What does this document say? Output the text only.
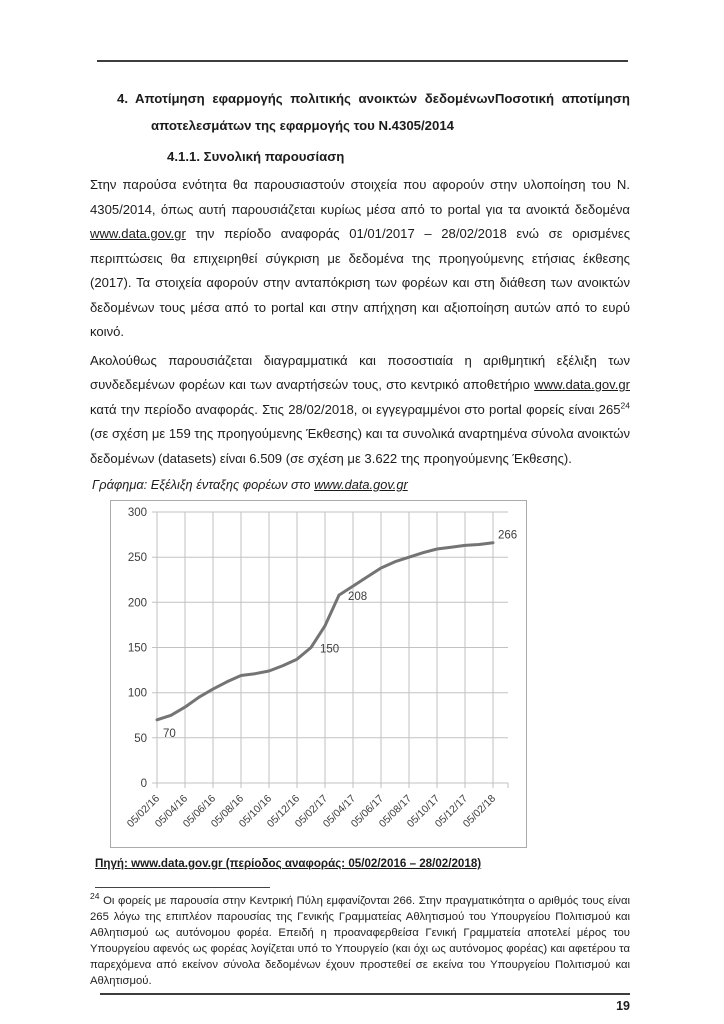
4. Αποτίμηση εφαρμογής πολιτικής ανοικτών δεδομένωνΠοσοτική αποτίμηση
αποτελεσμάτων της εφαρμογής του Ν.4305/2014

4.1.1. Συνολική παρουσίαση

Στην παρούσα ενότητα θα παρουσιαστούν στοιχεία που αφορούν στην υλοποίηση του Ν. 4305/2014, όπως αυτή παρουσιάζεται κυρίως μέσα από το portal για τα ανοικτά δεδομένα www.data.gov.gr την περίοδο αναφοράς 01/01/2017 – 28/02/2018 ενώ σε ορισμένες περιπτώσεις θα επιχειρηθεί σύγκριση με δεδομένα της προηγούμενης ετήσιας έκθεσης (2017). Τα στοιχεία αφορούν στην ανταπόκριση των φορέων και στη διάθεση των ανοικτών δεδομένων τους μέσα από το portal και στην απήχηση και αξιοποίηση αυτών από το ευρύ κοινό.

Ακολούθως παρουσιάζεται διαγραμματικά και ποσοστιαία η αριθμητική εξέλιξη των συνδεδεμένων φορέων και των αναρτήσεών τους, στο κεντρικό αποθετήριο www.data.gov.gr κατά την περίοδο αναφοράς. Στις 28/02/2018, οι εγγεγραμμένοι στο portal φορείς είναι $265^{24}$ (σε σχέση με 159 της προηγούμενης Έκθεσης) και τα συνολικά αναρτημένα σύνολα ανοικτών δεδομένων (datasets) είναι 6.509 (σε σχέση με 3.622 της προηγούμενης Έκθεσης).

Γράφημα: Εξέλιξη ένταξης φορέων στο www.data.gov.gr

0
50
100
150
200
250
300
05/02/16
05/04/16
05/06/16
05/08/16
05/10/16
05/12/16
05/02/17
05/04/17
05/06/17
05/08/17
05/10/17
05/12/17
05/02/18
70
150
208
266

Πηγή: www.data.gov.gr (περίοδος αναφοράς: 05/02/2016 – 28/02/2018)

$^{24}$ Οι φορείς με παρουσία στην Κεντρική Πύλη εμφανίζονται 266. Στην πραγματικότητα ο αριθμός τους είναι 265 λόγω της επιπλέον παρουσίας της Γενικής Γραμματείας Αθλητισμού του Υπουργείου Πολιτισμού και Αθλητισμού ως αυτόνομου φορέα. Επειδή η προαναφερθείσα Γενική Γραμματεία αποτελεί μέρος του Υπουργείου αφενός ως φορέας λογίζεται υπό το Υπουργείο (και όχι ως αυτόνομος φορέας) και αφετέρου τα παρεχόμενα από εκείνον σύνολα δεδομένων έχουν προστεθεί σε εκείνα του Υπουργείου Πολιτισμού και Αθλητισμού.

19
